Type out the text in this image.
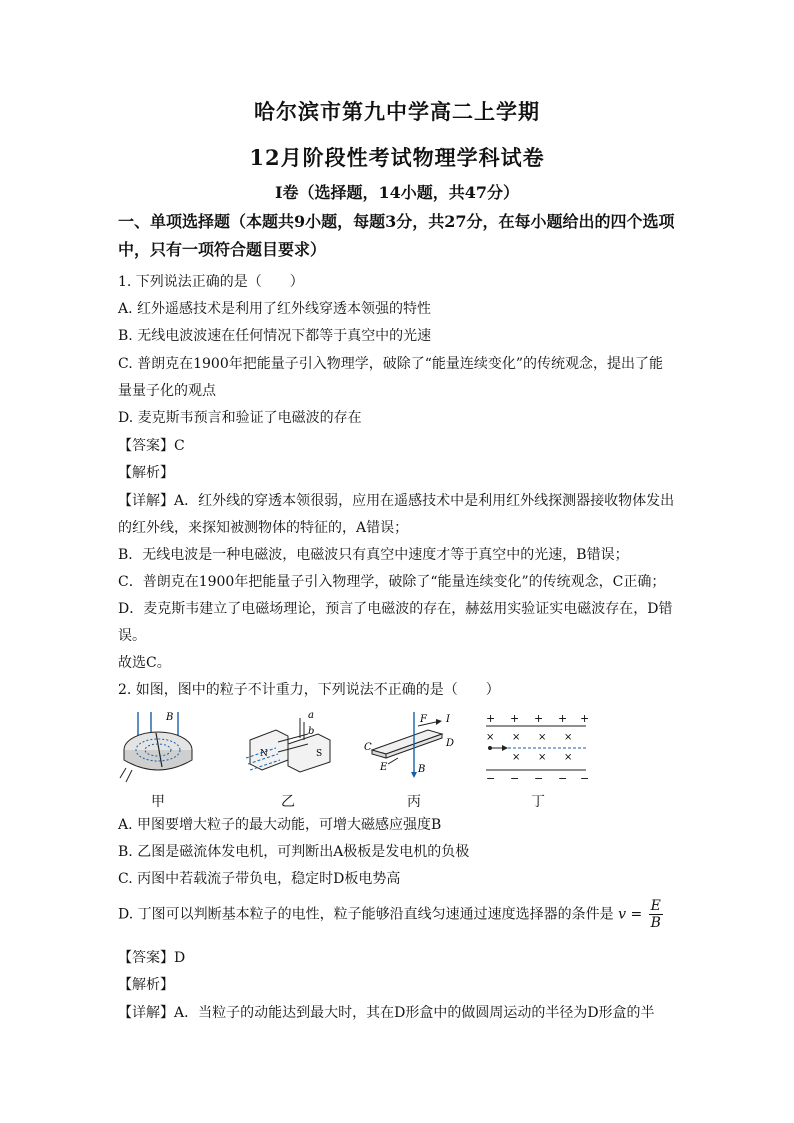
哈尔滨市第九中学高二上学期
12月阶段性考试物理学科试卷
I卷（选择题，14小题，共47分）
一、单项选择题（本题共9小题，每题3分，共27分，在每小题给出的四个选项中，只有一项符合题目要求）
1. 下列说法正确的是（　　）
A. 红外遥感技术是利用了红外线穿透本领强的特性
B. 无线电波波速在任何情况下都等于真空中的光速
C. 普朗克在1900年把能量子引入物理学，破除了“能量连续变化”的传统观念，提出了能
量量子化的观点
D. 麦克斯韦预言和验证了电磁波的存在
【答案】C
【解析】
【详解】A．红外线的穿透本领很弱，应用在遥感技术中是利用红外线探测器接收物体发出
的红外线，来探知被测物体的特征的，A错误；
B．无线电波是一种电磁波，电磁波只有真空中速度才等于真空中的光速，B错误；
C．普朗克在1900年把能量子引入物理学，破除了“能量连续变化”的传统观念，C正确；
D．麦克斯韦建立了电磁场理论，预言了电磁波的存在，赫兹用实验证实电磁波存在，D错
误。
故选C。
2. 如图，图中的粒子不计重力，下列说法不正确的是（　　）
B
甲
a
b
N	S
乙
F I
C	D
E	B
丙
+ + + + +
× × × ×
× × ×
− − − − −
丁
A. 甲图要增大粒子的最大动能，可增大磁感应强度B
B. 乙图是磁流体发电机，可判断出A极板是发电机的负极
C. 丙图中若载流子带负电，稳定时D板电势高
D. 丁图可以判断基本粒子的电性，粒子能够沿直线匀速通过速度选择器的条件是 $v = \frac{E}{B}$
【答案】D
【解析】
【详解】A．当粒子的动能达到最大时，其在D形盒中的做圆周运动的半径为D形盒的半
